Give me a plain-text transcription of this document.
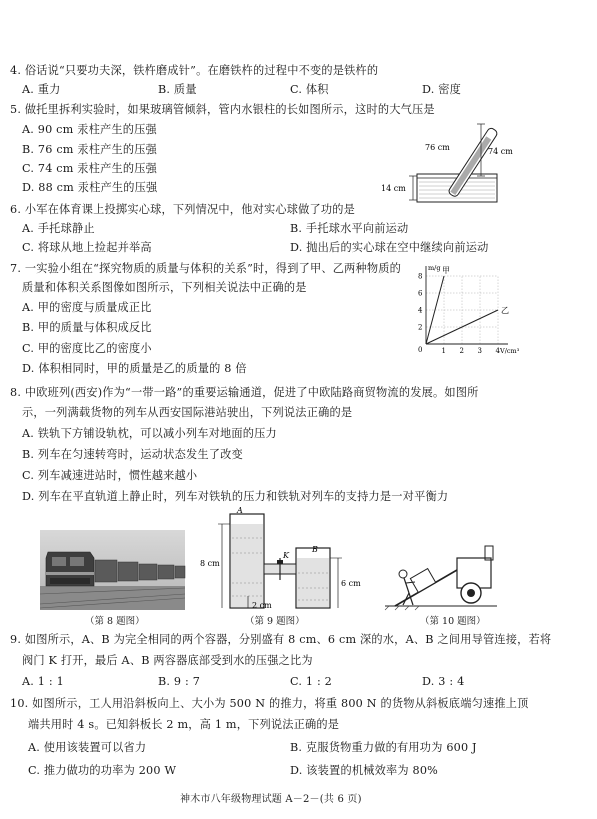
4. 俗话说“只要功夫深，铁杵磨成针”。在磨铁杵的过程中不变的是铁杵的
A. 重力	B. 质量	C. 体积	D. 密度
5. 做托里拆利实验时，如果玻璃管倾斜，管内水银柱的长如图所示，这时的大气压是
A. 90 cm 汞柱产生的压强
B. 76 cm 汞柱产生的压强
C. 74 cm 汞柱产生的压强
D. 88 cm 汞柱产生的压强
74 cm
76 cm
14 cm
6. 小军在体育课上投掷实心球，下列情况中，他对实心球做了功的是
A. 手托球静止	B. 手托球水平向前运动
C. 将球从地上捡起并举高	D. 抛出后的实心球在空中继续向前运动
7. 一实验小组在“探究物质的质量与体积的关系”时，得到了甲、乙两种物质的
质量和体积关系图像如图所示，下列相关说法中正确的是
A. 甲的密度与质量成正比
B. 甲的质量与体积成反比
C. 甲的密度比乙的密度小
D. 体积相同时，甲的质量是乙的质量的 8 倍
1 2 3 4
2
4
6
8
0	V/cm³
m/g 甲
乙
8. 中欧班列(西安)作为“一带一路”的重要运输通道，促进了中欧陆路商贸物流的发展。如图所
示，一列满载货物的列车从西安国际港站驶出，下列说法正确的是
A. 铁轨下方铺设轨枕，可以减小列车对地面的压力
B. 列车在匀速转弯时，运动状态发生了改变
C. 列车减速进站时，惯性越来越小
D. 列车在平直轨道上静止时，列车对铁轨的压力和铁轨对列车的支持力是一对平衡力
（第 8 题图）
A
B
K
8 cm
6 cm
2 cm
（第 9 题图）	（第 10 题图）
9. 如图所示，A、B 为完全相同的两个容器，分别盛有 8 cm、6 cm 深的水，A、B 之间用导管连接，若将
阀门 K 打开，最后 A、B 两容器底部受到水的压强之比为
A. 1 : 1	B. 9 : 7	C. 1 : 2	D. 3 : 4
10. 如图所示，工人用沿斜板向上、大小为 500 N 的推力，将重 800 N 的货物从斜板底端匀速推上顶
端共用时 4 s。已知斜板长 2 m，高 1 m，下列说法正确的是
A. 使用该装置可以省力	B. 克服货物重力做的有用功为 600 J
C. 推力做功的功率为 200 W	D. 该装置的机械效率为 80%
神木市八年级物理试题 A－2－(共 6 页)
